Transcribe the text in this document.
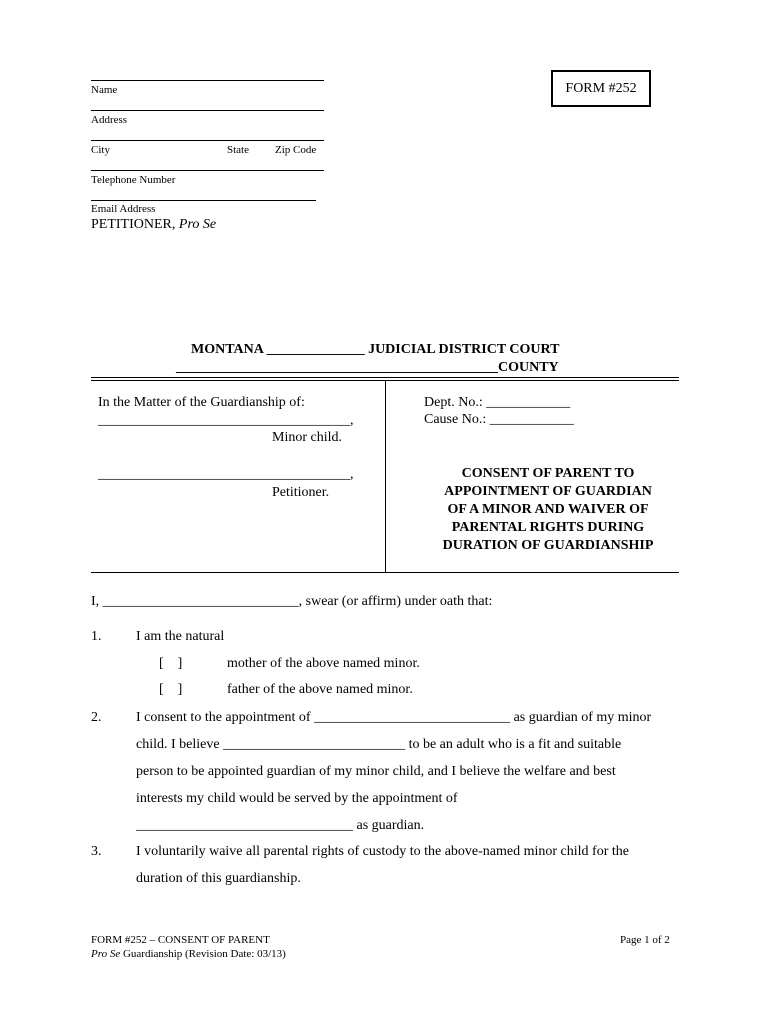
Name
Address
City	State Zip Code
Telephone Number
Email Address
PETITIONER, Pro Se
FORM #252
MONTANA ______________ JUDICIAL DISTRICT COURT
______________________________________________COUNTY
In the Matter of the Guardianship of:
____________________________________,
Minor child.
____________________________________,
Petitioner.
Dept. No.: ____________
Cause No.: ____________
CONSENT OF PARENT TO
APPOINTMENT OF GUARDIAN
OF A MINOR AND WAIVER OF
PARENTAL RIGHTS DURING
DURATION OF GUARDIANSHIP
I, ____________________________, swear (or affirm) under oath that:
1. I am the natural
[    ]	mother of the above named minor.
[    ]	father of the above named minor.
2. I consent to the appointment of ____________________________ as guardian of my minor
child. I believe __________________________ to be an adult who is a fit and suitable
person to be appointed guardian of my minor child, and I believe the welfare and best
interests my child would be served by the appointment of
_______________________________ as guardian.
3. I voluntarily waive all parental rights of custody to the above-named minor child for the
duration of this guardianship.
FORM #252 – CONSENT OF PARENT
Pro Se Guardianship (Revision Date: 03/13)
Page 1 of 2
